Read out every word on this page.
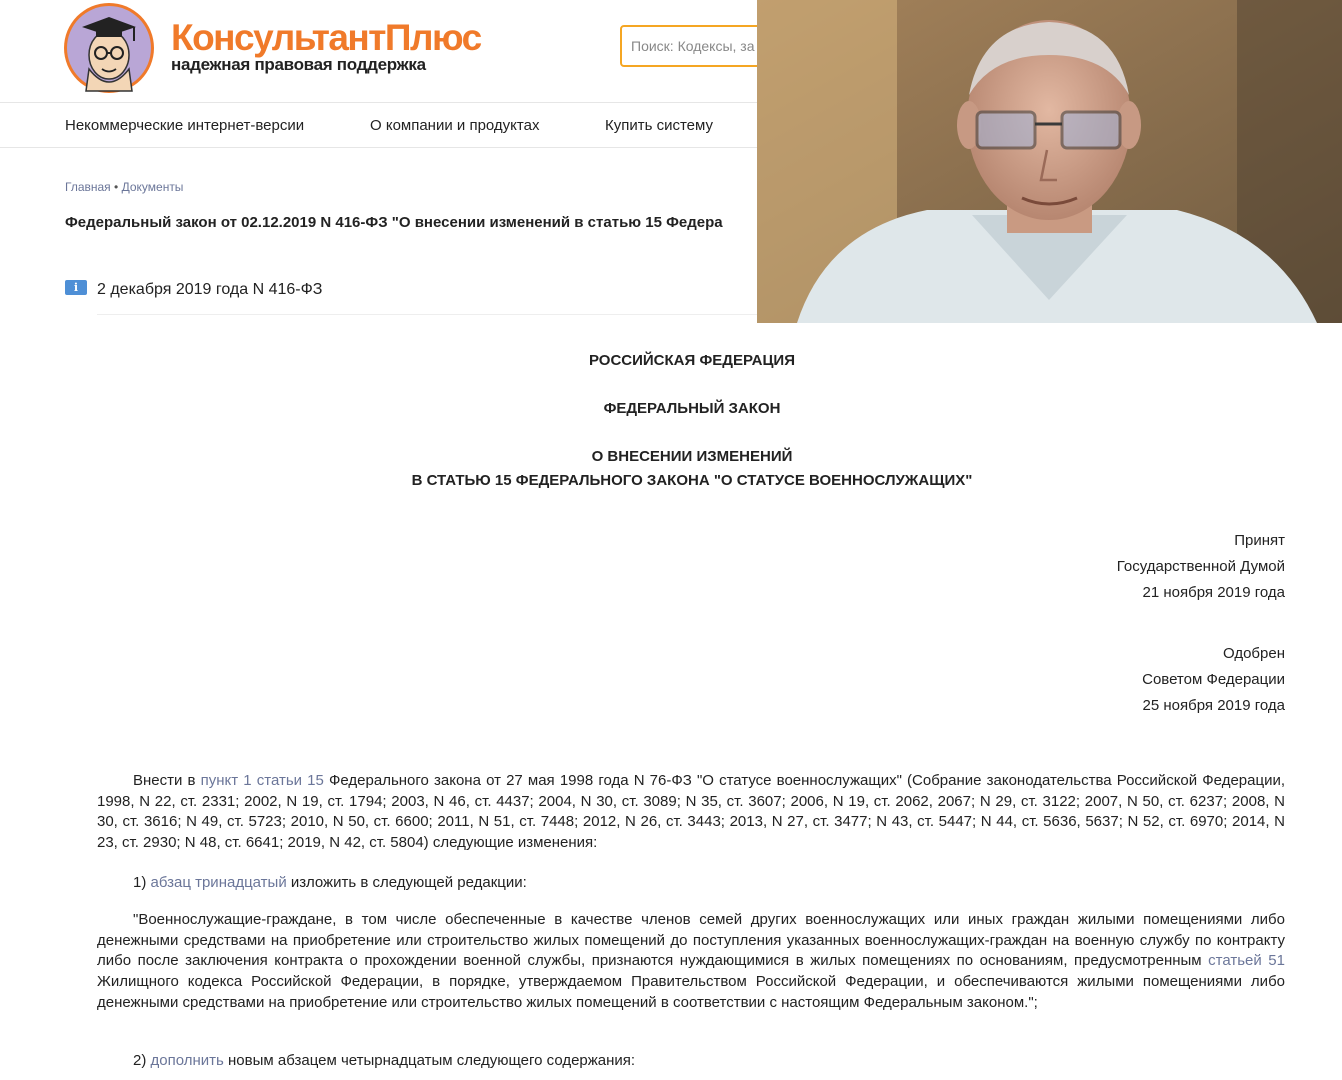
КонсультантПлюс
надежная правовая поддержка
Поиск: Кодексы, за
Некоммерческие интернет-версии	О компании и продуктах	Купить систему
Главная • Документы
Федеральный закон от 02.12.2019 N 416-ФЗ "О внесении изменений в статью 15 Федера
i	2 декабря 2019 года N 416-ФЗ
РОССИЙСКАЯ ФЕДЕРАЦИЯ
ФЕДЕРАЛЬНЫЙ ЗАКОН
О ВНЕСЕНИИ ИЗМЕНЕНИЙ
В СТАТЬЮ 15 ФЕДЕРАЛЬНОГО ЗАКОНА "О СТАТУСЕ ВОЕННОСЛУЖАЩИХ"
Принят
Государственной Думой
21 ноября 2019 года
Одобрен
Советом Федерации
25 ноября 2019 года

Внести в пункт 1 статьи 15 Федерального закона от 27 мая 1998 года N 76-ФЗ "О статусе военнослужащих" (Собрание законодательства Российской Федерации, 1998, N 22, ст. 2331; 2002, N 19, ст. 1794; 2003, N 46, ст. 4437; 2004, N 30, ст. 3089; N 35, ст. 3607; 2006, N 19, ст. 2062, 2067; N 29, ст. 3122; 2007, N 50, ст. 6237; 2008, N 30, ст. 3616; N 49, ст. 5723; 2010, N 50, ст. 6600; 2011, N 51, ст. 7448; 2012, N 26, ст. 3443; 2013, N 27, ст. 3477; N 43, ст. 5447; N 44, ст. 5636, 5637; N 52, ст. 6970; 2014, N 23, ст. 2930; N 48, ст. 6641; 2019, N 42, ст. 5804) следующие изменения:

1) абзац тринадцатый изложить в следующей редакции:

"Военнослужащие-граждане, в том числе обеспеченные в качестве членов семей других военнослужащих или иных граждан жилыми помещениями либо денежными средствами на приобретение или строительство жилых помещений до поступления указанных военнослужащих-граждан на военную службу по контракту либо после заключения контракта о прохождении военной службы, признаются нуждающимися в жилых помещениях по основаниям, предусмотренным статьей 51 Жилищного кодекса Российской Федерации, в порядке, утверждаемом Правительством Российской Федерации, и обеспечиваются жилыми помещениями либо денежными средствами на приобретение или строительство жилых помещений в соответствии с настоящим Федеральным законом.";

2) дополнить новым абзацем четырнадцатым следующего содержания:
